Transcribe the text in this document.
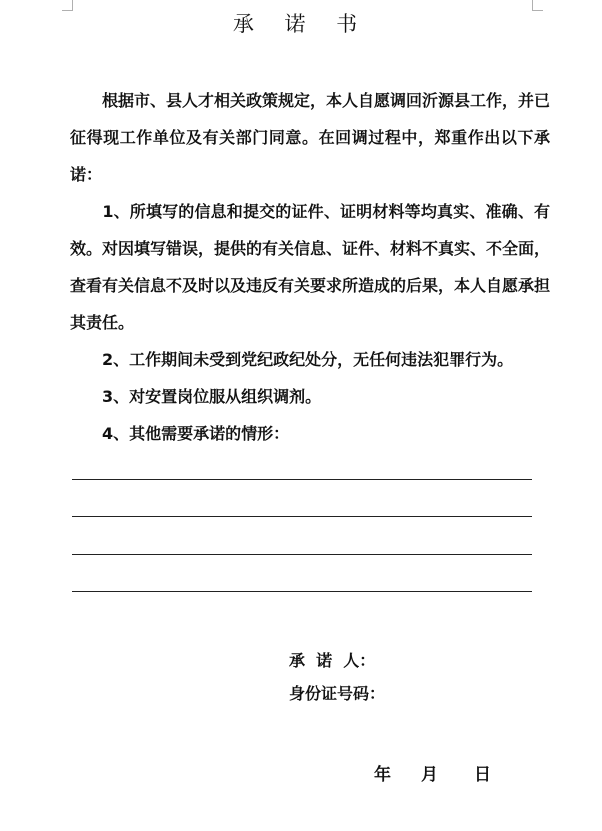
承 诺 书

　　根据市、县人才相关政策规定，本人自愿调回沂源县工作，并已征得现工作单位及有关部门同意。在回调过程中，郑重作出以下承诺：

　　1、所填写的信息和提交的证件、证明材料等均真实、准确、有效。对因填写错误，提供的有关信息、证件、材料不真实、不全面，查看有关信息不及时以及违反有关要求所造成的后果，本人自愿承担其责任。

　　2、工作期间未受到党纪政纪处分，无任何违法犯罪行为。

　　3、对安置岗位服从组织调剂。

　　4、其他需要承诺的情形：

承  诺  人：
身份证号码：
年 月 日
